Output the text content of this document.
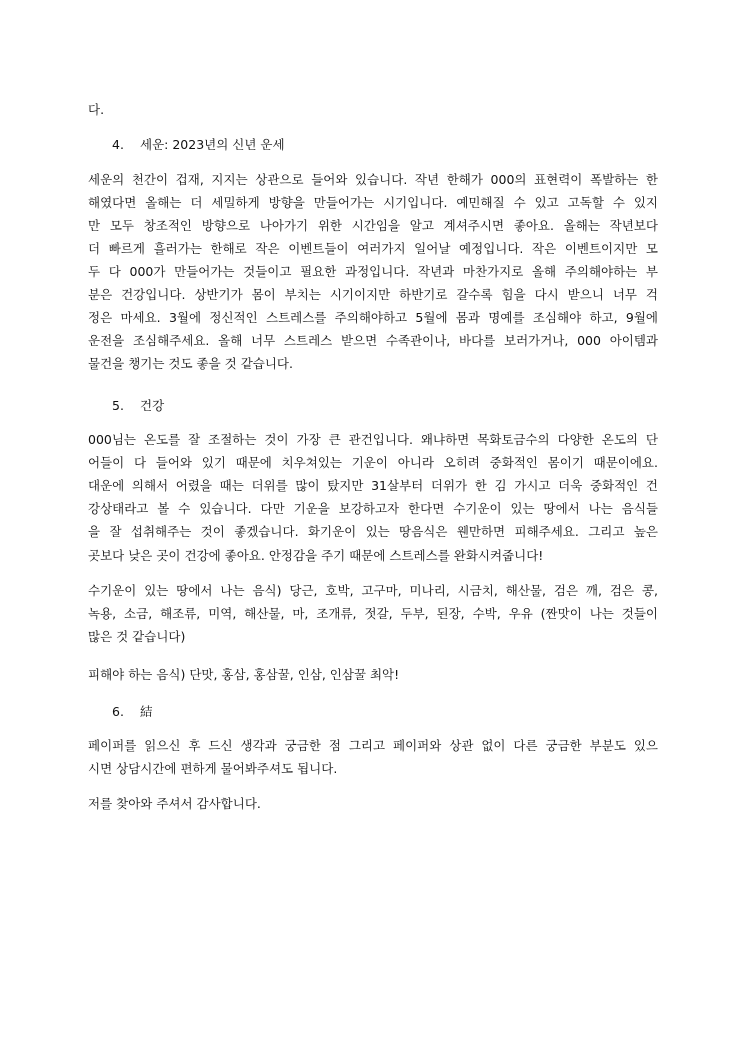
다.
4. 세운: 2023년의 신년 운세
세운의 천간이 겁재, 지지는 상관으로 들어와 있습니다. 작년 한해가 000의 표현력이 폭발하는 한
해였다면 올해는 더 세밀하게 방향을 만들어가는 시기입니다. 예민해질 수 있고 고독할 수 있지
만 모두 창조적인 방향으로 나아가기 위한 시간임을 알고 계셔주시면 좋아요. 올해는 작년보다
더 빠르게 흘러가는 한해로 작은 이벤트들이 여러가지 일어날 예정입니다. 작은 이벤트이지만 모
두 다 000가 만들어가는 것들이고 필요한 과정입니다. 작년과 마찬가지로 올해 주의해야하는 부
분은 건강입니다. 상반기가 몸이 부치는 시기이지만 하반기로 갈수록 힘을 다시 받으니 너무 걱
정은 마세요. 3월에 정신적인 스트레스를 주의해야하고 5월에 몸과 명예를 조심해야 하고, 9월에
운전을 조심해주세요. 올해 너무 스트레스 받으면 수족관이나, 바다를 보러가거나, 000 아이템과
물건을 챙기는 것도 좋을 것 같습니다.
5. 건강
000님는 온도를 잘 조절하는 것이 가장 큰 관건입니다. 왜냐하면 목화토금수의 다양한 온도의 단
어들이 다 들어와 있기 때문에 치우쳐있는 기운이 아니라 오히려 중화적인 몸이기 때문이에요.
대운에 의해서 어렸을 때는 더위를 많이 탔지만 31살부터 더위가 한 김 가시고 더욱 중화적인 건
강상태라고 볼 수 있습니다. 다만 기운을 보강하고자 한다면 수기운이 있는 땅에서 나는 음식들
을 잘 섭취해주는 것이 좋겠습니다. 화기운이 있는 땅음식은 웬만하면 피해주세요. 그리고 높은
곳보다 낮은 곳이 건강에 좋아요. 안정감을 주기 때문에 스트레스를 완화시켜줍니다!
수기운이 있는 땅에서 나는 음식) 당근, 호박, 고구마, 미나리, 시금치, 해산물, 검은 깨, 검은 콩,
녹용, 소금, 해조류, 미역, 해산물, 마, 조개류, 젓갈, 두부, 된장, 수박, 우유 (짠맛이 나는 것들이
많은 것 같습니다)
피해야 하는 음식) 단맛, 홍삼, 홍삼꿀, 인삼, 인삼꿀 최악!
6. 結
페이퍼를 읽으신 후 드신 생각과 궁금한 점 그리고 페이퍼와 상관 없이 다른 궁금한 부분도 있으
시면 상담시간에 편하게 물어봐주셔도 됩니다.
저를 찾아와 주셔서 감사합니다.
